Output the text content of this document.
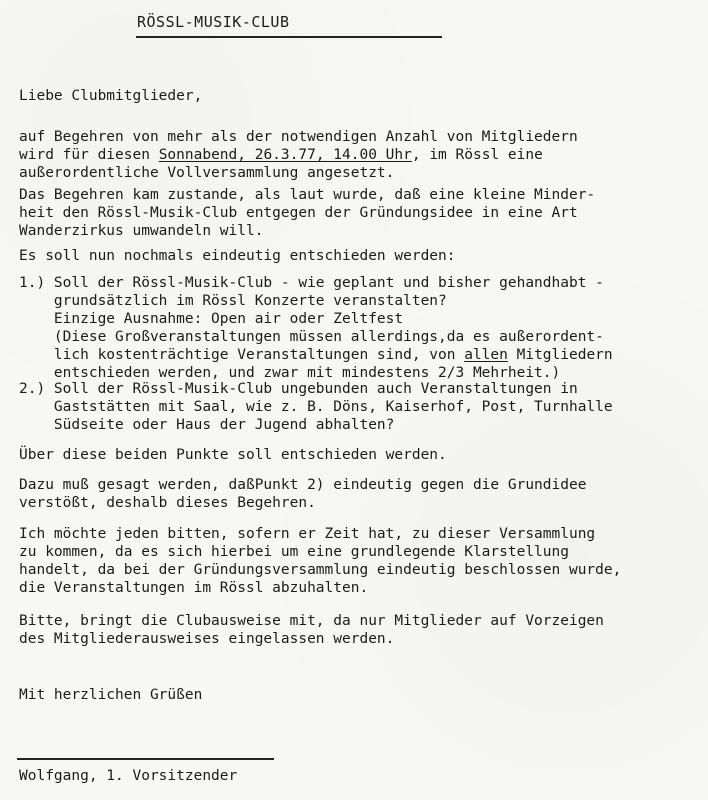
RÖSSL-MUSIK-CLUB
Liebe Clubmitglieder,
auf Begehren von mehr als der notwendigen Anzahl von Mitgliedern
wird für diesen Sonnabend, 26.3.77, 14.00 Uhr, im Rössl eine
außerordentliche Vollversammlung angesetzt.
Das Begehren kam zustande, als laut wurde, daß eine kleine Minder-
heit den Rössl-Musik-Club entgegen der Gründungsidee in eine Art
Wanderzirkus umwandeln will.
Es soll nun nochmals eindeutig entschieden werden:
1.) Soll der Rössl-Musik-Club - wie geplant und bisher gehandhabt -
grundsätzlich im Rössl Konzerte veranstalten?
Einzige Ausnahme: Open air oder Zeltfest
(Diese Großveranstaltungen müssen allerdings,da es außerordent-
lich kostenträchtige Veranstaltungen sind, von allen Mitgliedern
entschieden werden, und zwar mit mindestens 2/3 Mehrheit.)
2.) Soll der Rössl-Musik-Club ungebunden auch Veranstaltungen in
Gaststätten mit Saal, wie z. B. Döns, Kaiserhof, Post, Turnhalle
Südseite oder Haus der Jugend abhalten?
Über diese beiden Punkte soll entschieden werden.
Dazu muß gesagt werden, daßPunkt 2) eindeutig gegen die Grundidee
verstößt, deshalb dieses Begehren.
Ich möchte jeden bitten, sofern er Zeit hat, zu dieser Versammlung
zu kommen, da es sich hierbei um eine grundlegende Klarstellung
handelt, da bei der Gründungsversammlung eindeutig beschlossen wurde,
die Veranstaltungen im Rössl abzuhalten.
Bitte, bringt die Clubausweise mit, da nur Mitglieder auf Vorzeigen
des Mitgliederausweises eingelassen werden.
Mit herzlichen Grüßen
Wolfgang, 1. Vorsitzender
